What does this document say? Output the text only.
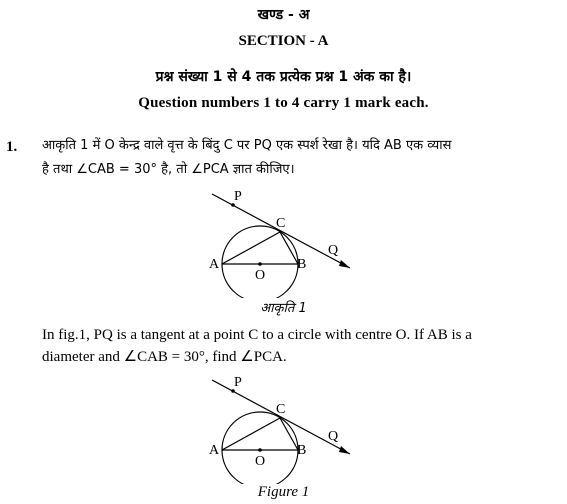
खण्ड - अ
SECTION - A
प्रश्न संख्या 1 से 4 तक प्रत्येक प्रश्न 1 अंक का है।
Question numbers 1 to 4 carry 1 mark each.
1. आकृति 1 में O केन्द्र वाले वृत्त के बिंदु C पर PQ एक स्पर्श रेखा है। यदि AB एक व्यास
है तथा ∠CAB = 30° है, तो ∠PCA ज्ञात कीजिए।
P
C
Q
A
O
B
आकृति 1
In fig.1, PQ is a tangent at a point C to a circle with centre O. If AB is a
diameter and ∠CAB = 30°, find ∠PCA.
P
C
Q
A
O
B
Figure 1
